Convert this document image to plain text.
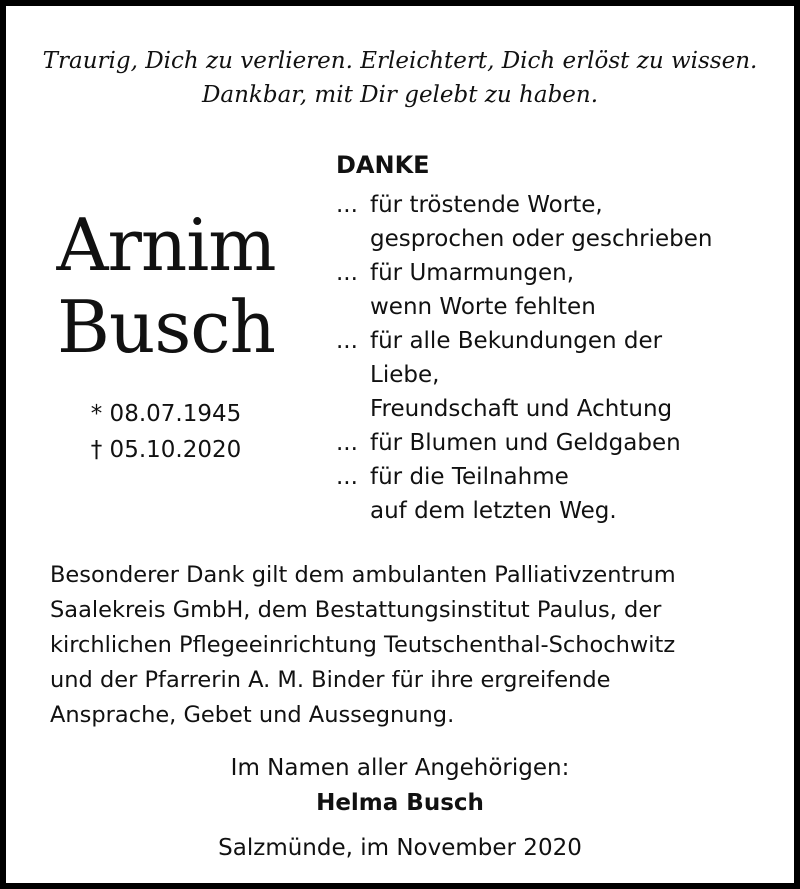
Traurig, Dich zu verlieren. Erleichtert, Dich erlöst zu wissen.
Dankbar, mit Dir gelebt zu haben.
Arnim
Busch
* 08.07.1945
† 05.10.2020
DANKE
... für tröstende Worte,
gesprochen oder geschrieben
... für Umarmungen,
wenn Worte fehlten
... für alle Bekundungen der
Liebe,
Freundschaft und Achtung
... für Blumen und Geldgaben
... für die Teilnahme
auf dem letzten Weg.
Besonderer Dank gilt dem ambulanten Palliativzentrum
Saalekreis GmbH, dem Bestattungsinstitut Paulus, der
kirchlichen Pflegeeinrichtung Teutschenthal-Schochwitz
und der Pfarrerin A. M. Binder für ihre ergreifende
Ansprache, Gebet und Aussegnung.
Im Namen aller Angehörigen:
Helma Busch
Salzmünde, im November 2020
